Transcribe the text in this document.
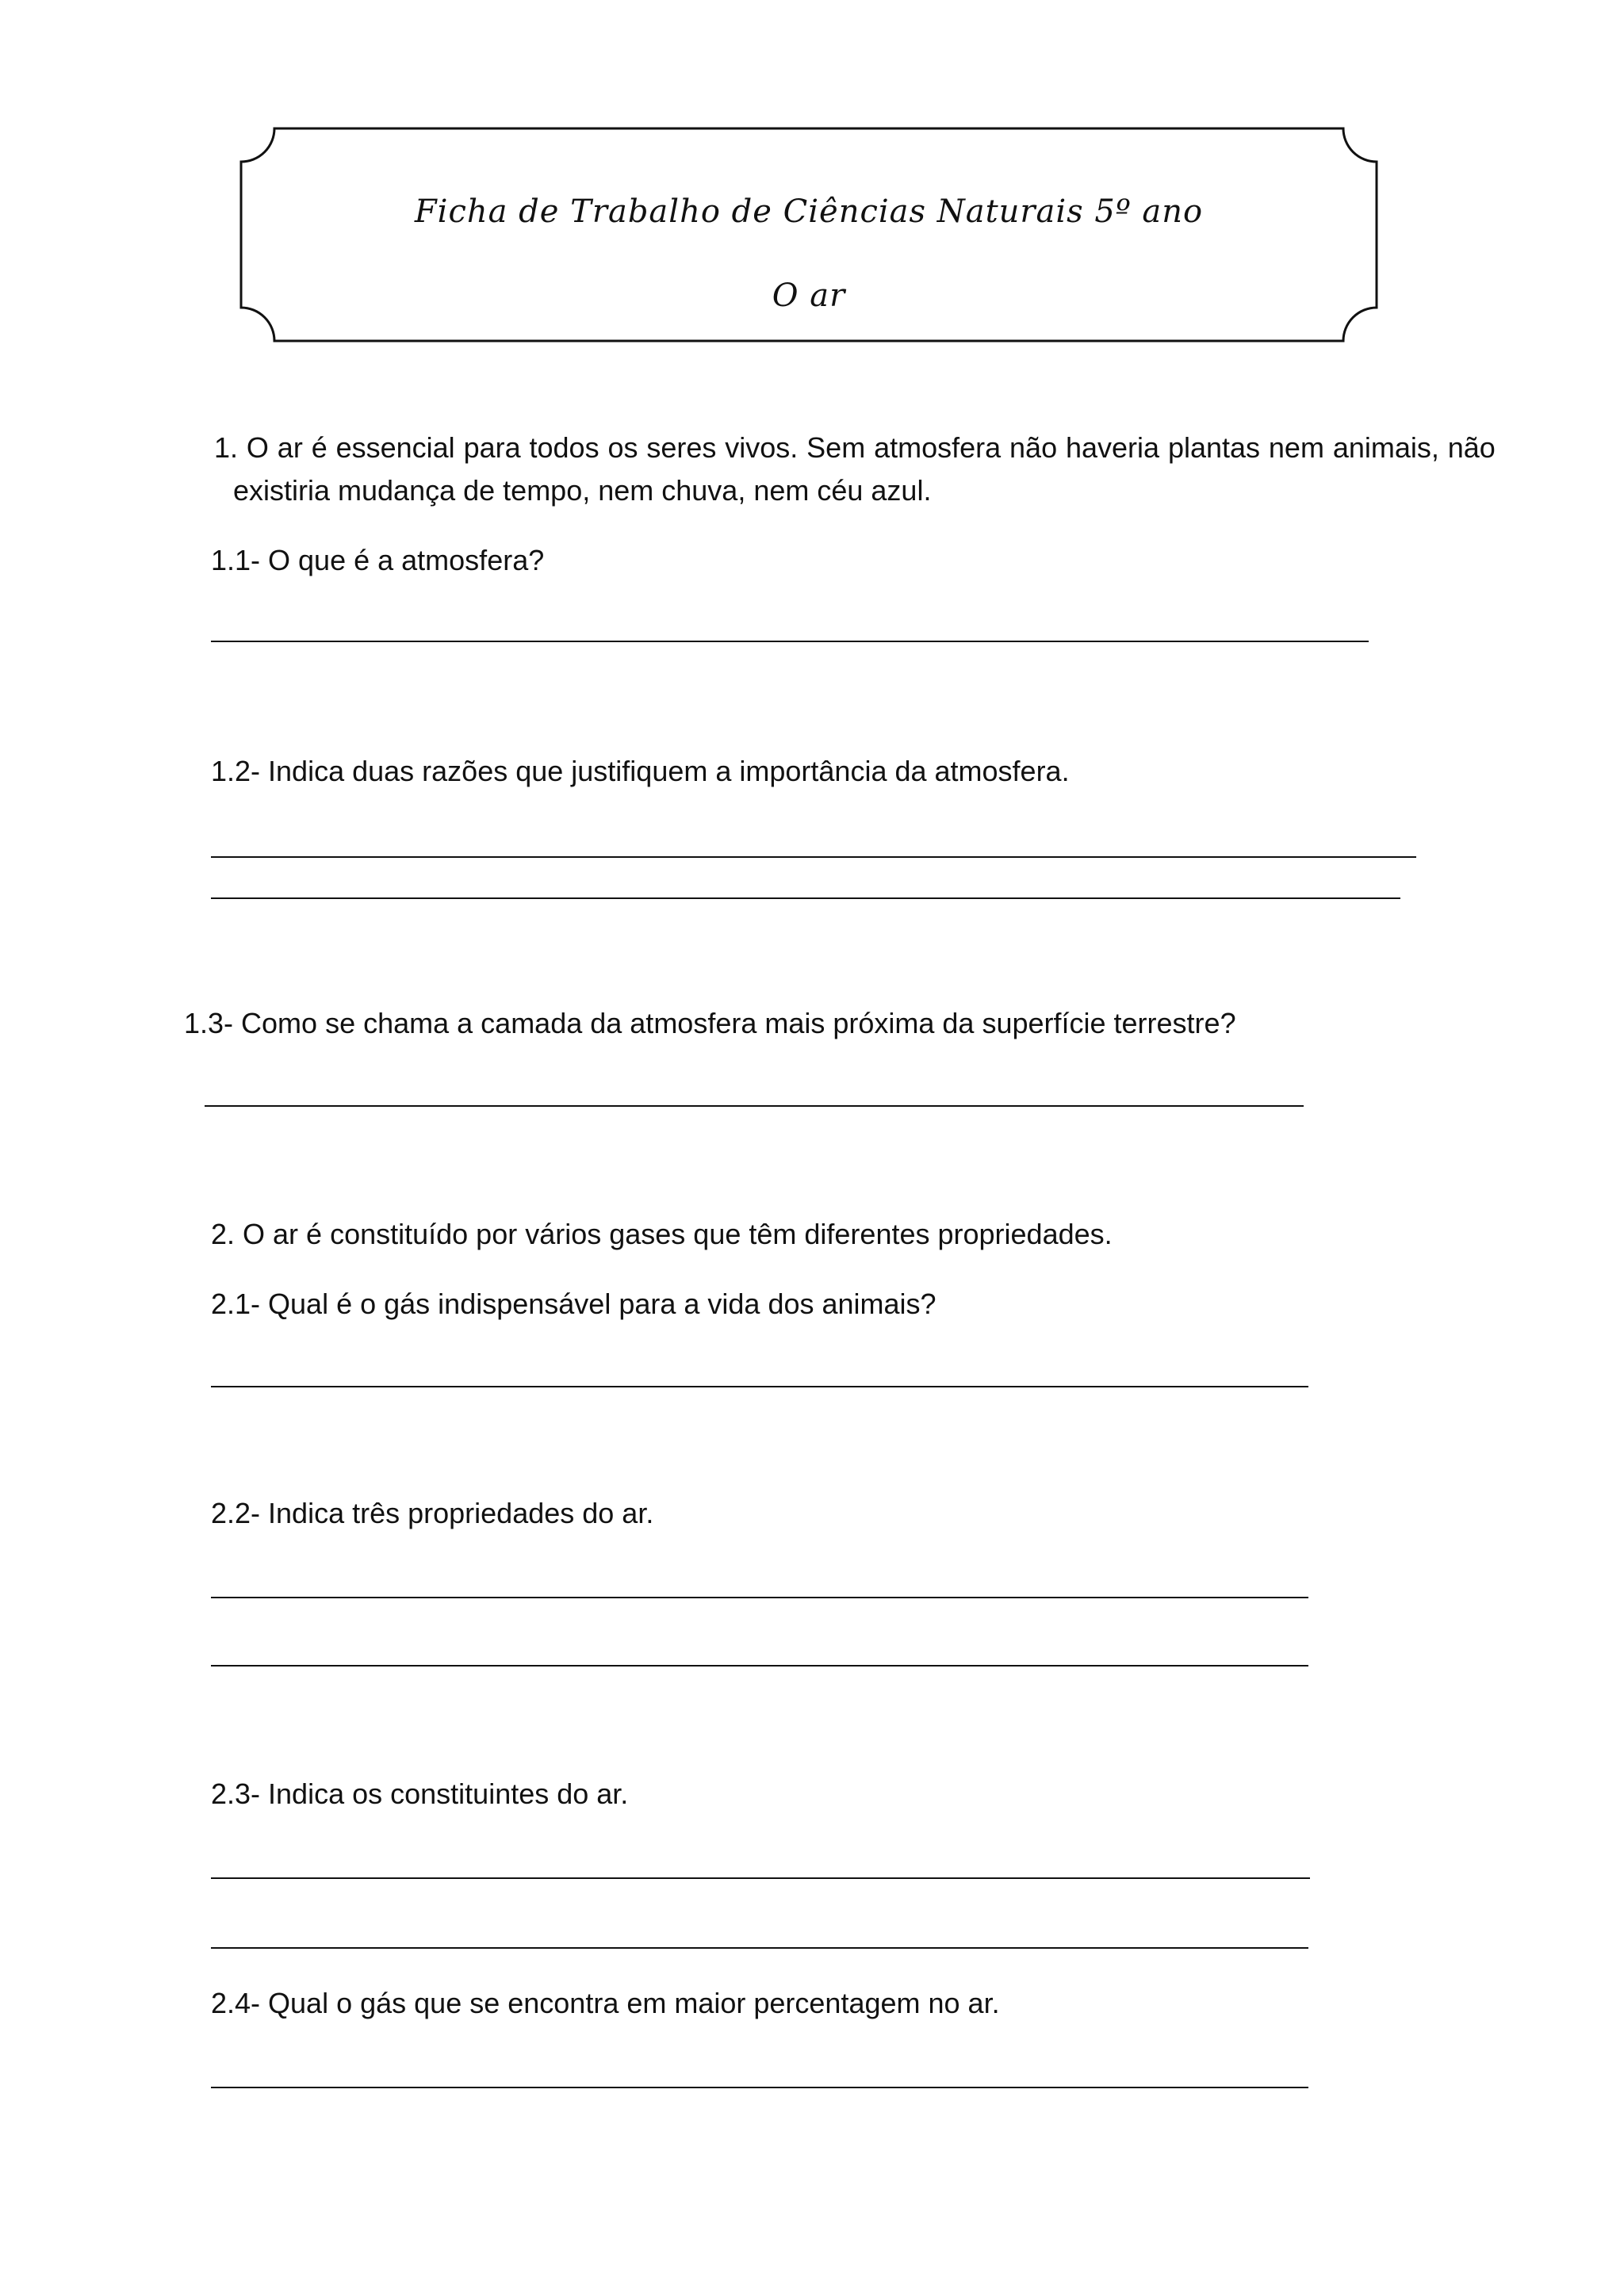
Ficha de Trabalho de Ciências Naturais 5º ano
O ar
1. O ar é essencial para todos os seres vivos. Sem atmosfera não haveria plantas nem animais, não
existiria mudança de tempo, nem chuva, nem céu azul.
1.1- O que é a atmosfera?
1.2- Indica duas razões que justifiquem a importância da atmosfera.
1.3- Como se chama a camada da atmosfera mais próxima da superfície terrestre?
2. O ar é constituído por vários gases que têm diferentes propriedades.
2.1- Qual é o gás indispensável para a vida dos animais?
2.2- Indica três propriedades do ar.
2.3- Indica os constituintes do ar.
2.4- Qual o gás que se encontra em maior percentagem no ar.
